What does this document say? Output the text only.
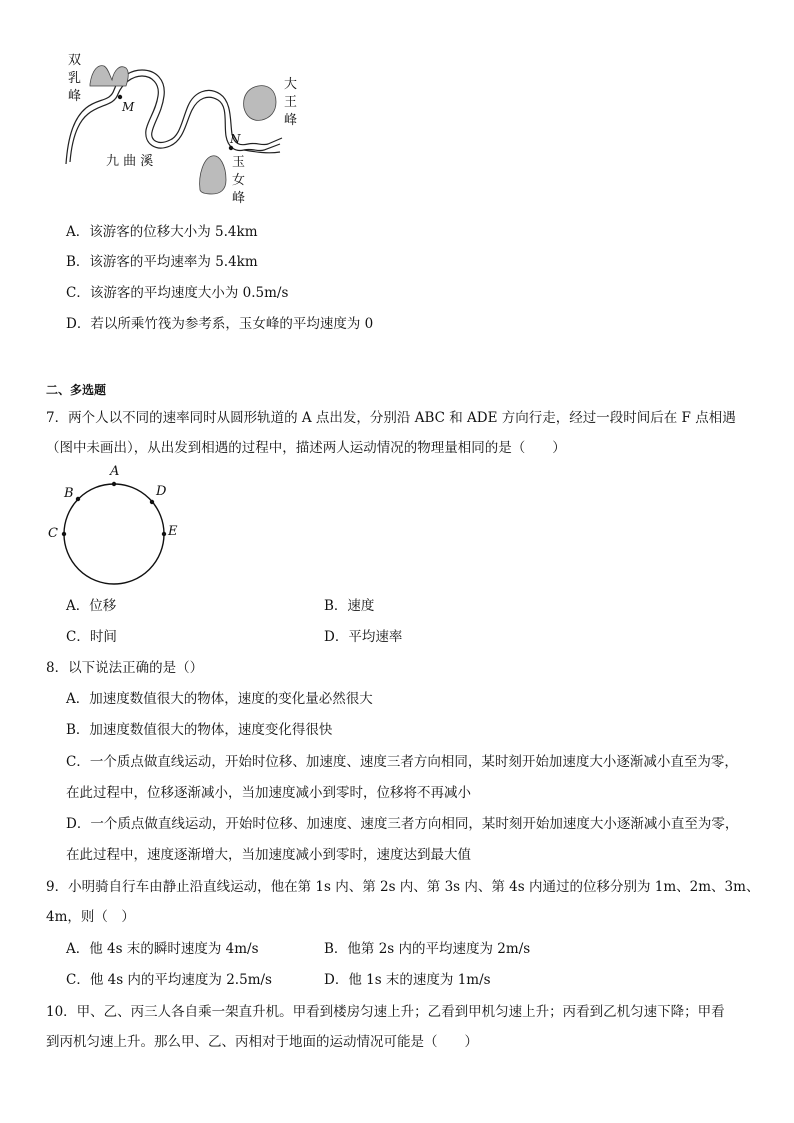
双
乳
峰
大
王
峰
玉
女
峰
九 曲 溪
M
N
A．该游客的位移大小为 5.4km
B．该游客的平均速率为 5.4km
C．该游客的平均速度大小为 0.5m/s
D．若以所乘竹筏为参考系，玉女峰的平均速度为 0
二、多选题
7．两个人以不同的速率同时从圆形轨道的 A 点出发，分别沿 ABC 和 ADE 方向行走，经过一段时间后在 F 点相遇
（图中未画出），从出发到相遇的过程中，描述两人运动情况的物理量相同的是（　　）
A
B
C
D
E
A．位移	B．速度
C．时间	D．平均速率
8．以下说法正确的是（）
A．加速度数值很大的物体，速度的变化量必然很大
B．加速度数值很大的物体，速度变化得很快
C．一个质点做直线运动，开始时位移、加速度、速度三者方向相同，某时刻开始加速度大小逐渐减小直至为零，
在此过程中，位移逐渐减小，当加速度减小到零时，位移将不再减小
D．一个质点做直线运动，开始时位移、加速度、速度三者方向相同，某时刻开始加速度大小逐渐减小直至为零，
在此过程中，速度逐渐增大，当加速度减小到零时，速度达到最大值
9．小明骑自行车由静止沿直线运动，他在第 1s 内、第 2s 内、第 3s 内、第 4s 内通过的位移分别为 1m、2m、3m、
4m，则（　）
A．他 4s 末的瞬时速度为 4m/s	B．他第 2s 内的平均速度为 2m/s
C．他 4s 内的平均速度为 2.5m/s	D．他 1s 末的速度为 1m/s
10．甲、乙、丙三人各自乘一架直升机。甲看到楼房匀速上升；乙看到甲机匀速上升；丙看到乙机匀速下降；甲看
到丙机匀速上升。那么甲、乙、丙相对于地面的运动情况可能是（　　）
